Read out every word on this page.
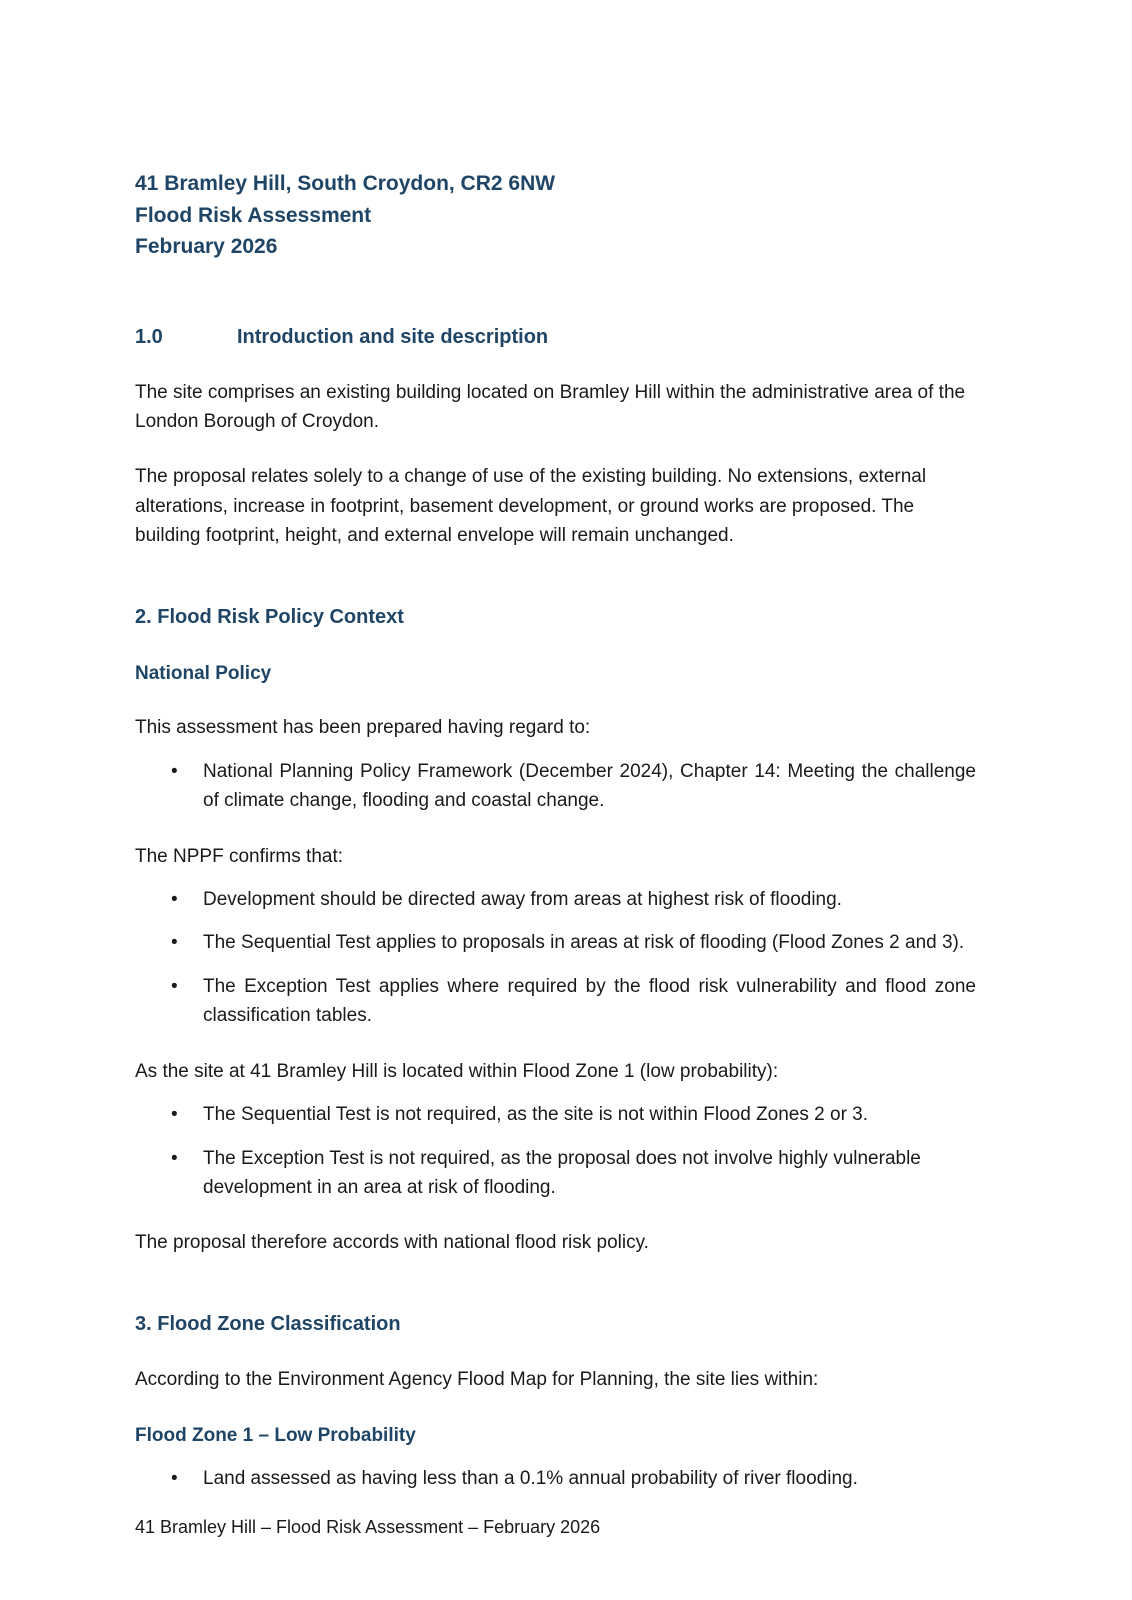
41 Bramley Hill, South Croydon, CR2 6NW

Flood Risk Assessment

February 2026

1.0	Introduction and site description

The site comprises an existing building located on Bramley Hill within the administrative area of the London Borough of Croydon.

The proposal relates solely to a change of use of the existing building. No extensions, external alterations, increase in footprint, basement development, or ground works are proposed. The building footprint, height, and external envelope will remain unchanged.

2. Flood Risk Policy Context
National Policy

This assessment has been prepared having regard to:

• National Planning Policy Framework (December 2024), Chapter 14: Meeting the challenge of climate change, flooding and coastal change.

The NPPF confirms that:

• Development should be directed away from areas at highest risk of flooding.
• The Sequential Test applies to proposals in areas at risk of flooding (Flood Zones 2 and 3).
• The Exception Test applies where required by the flood risk vulnerability and flood zone classification tables.

As the site at 41 Bramley Hill is located within Flood Zone 1 (low probability):

• The Sequential Test is not required, as the site is not within Flood Zones 2 or 3.
• The Exception Test is not required, as the proposal does not involve highly vulnerable development in an area at risk of flooding.

The proposal therefore accords with national flood risk policy.

3. Flood Zone Classification

According to the Environment Agency Flood Map for Planning, the site lies within:

Flood Zone 1 – Low Probability
• Land assessed as having less than a 0.1% annual probability of river flooding.
41 Bramley Hill – Flood Risk Assessment – February 2026
